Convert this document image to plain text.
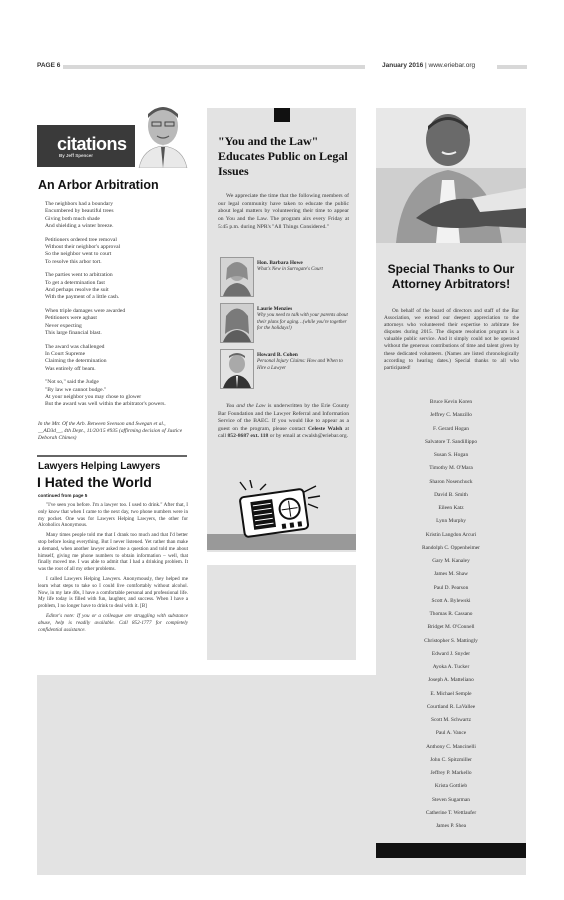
PAGE 6	January 2016 | www.eriebar.org
citations
By Jeff Spencer
An Arbor Arbitration
The neighbors had a boundary
Encumbered by beautiful trees
Giving both much shade
And shielding a winter breeze.
Petitioners ordered tree removal
Without their neighbor's approval
So the neighbor went to court
To resolve this arbor tort.
The parties went to arbitration
To get a determination fast
And perhaps resolve the suit
With the payment of a little cash.
When triple damages were awarded
Petitioners were aghast
Never expecting
This large financial blast.
The award was challenged
In Court Supreme
Claiming the determination
Was entirely off beam.
"Not so," said the Judge
"By law we cannot budge."
At your neighbor you may chose to glower
But the award was well within the arbitrator's powers.
In the Mtr. Of the Arb. Between Svenson and Swegan et al., __AD3d__, 4th Dept., 11/20/15 #935 (affirming decision of Justice Deborah Chimes)
Lawyers Helping Lawyers
I Hated the World
continued from page 5

"I've seen you before. I'm a lawyer too. I used to drink." After that, I only know that when I came to the next day, two phone numbers were in my pocket. One was for Lawyers Helping Lawyers, the other for Alcoholics Anonymous.

Many times people told me that I drank too much and that I'd better stop before losing everything. But I never listened. Yet rather than make a demand, when another lawyer asked me a question and told me about himself, giving me phone numbers to obtain information – well, that finally moved me. I was able to admit that I had a drinking problem. It was the root of all my other problems.

I called Lawyers Helping Lawyers. Anonymously, they helped me learn what steps to take so I could live comfortably without alcohol. Now, in my late 40s, I have a comfortable personal and professional life. My life today is filled with fun, laughter, and success. When I have a problem, I no longer have to drink to deal with it. [B]

Editor's note: If you or a colleague are struggling with substance abuse, help is readily available. Call 852-1777 for completely confidential assistance.

"You and the Law" Educates Public on Legal Issues

We appreciate the time that the following members of our legal community have taken to educate the public about legal matters by volunteering their time to appear on You and the Law. The program airs every Friday at 5:45 p.m. during NPR's "All Things Considered."

Hon. Barbara Howe
What's New in Surrogate's Court
Laurie Menzies
Why you need to talk with your parents about their plans for aging…(while you're together for the holidays!)
Howard B. Cohen
Personal Injury Claims: How and When to Hire a Lawyer

You and the Law is underwritten by the Erie County Bar Foundation and the Lawyer Referral and Information Service of the BAEC. If you would like to appear as a guest on the program, please contact Celeste Walsh at call 852-8687 ext. 118 or by email at cwalsh@eriebar.org.

Special Thanks to Our Attorney Arbitrators!

On behalf of the board of directors and staff of the Bar Association, we extend our deepest appreciation to the attorneys who volunteered their expertise to arbitrate fee disputes during 2015. The dispute resolution program is a valuable public service. And it simply could not be operated without the generous contributions of time and talent given by these dedicated volunteers. (Names are listed chronologically according to hearing dates.) Special thanks to all who participated!

Bruce Kevin Koren
Jeffrey C. Manzillo
F. Gerard Hogan
Salvatore T. Sandillippo
Susan S. Hogan
Timothy M. O'Mara
Sharon Nosenchuck
David B. Smith
Eileen Katz
Lynn Murphy
Kristin Langdon Arcuri
Randolph C. Oppenheimer
Gary M. Kanaley
James M. Shaw
Paul D. Pearson
Scott A. Bylewski
Thomas R. Cassano
Bridget M. O'Connell
Christopher S. Mattingly
Edward J. Snyder
Ayoka A. Tucker
Joseph A. Matteliano
E. Michael Semple
Courtland R. LaVallee
Scott M. Schwartz
Paul A. Vance
Anthony C. Mancinelli
John C. Spitzmiller
Jeffrey P. Markello
Krista Gottlieb
Steven Sugarman
Catherine T. Wettlaufer
James P. Shea
